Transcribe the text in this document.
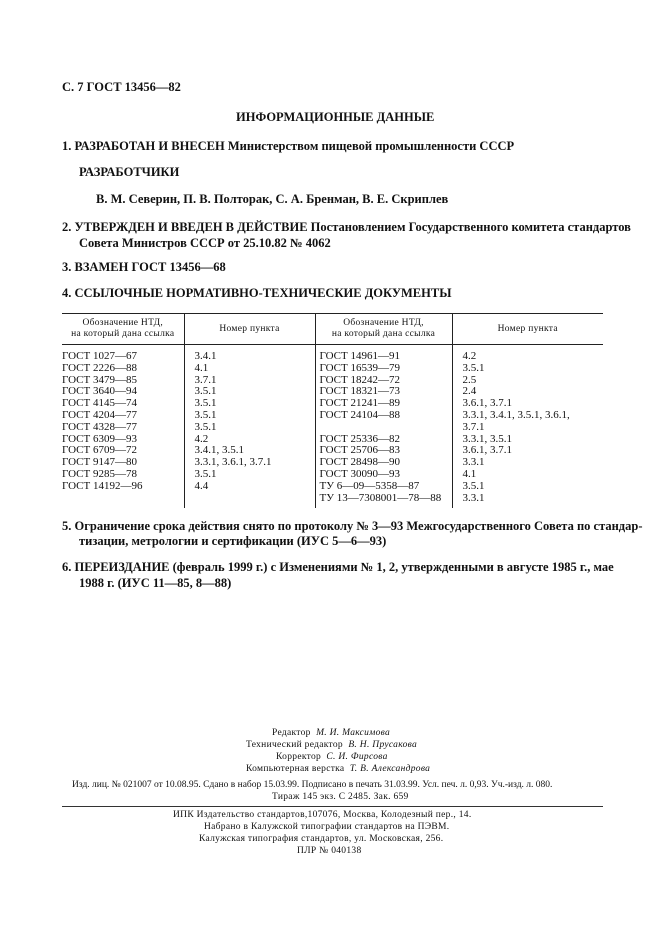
С. 7 ГОСТ 13456—82
ИНФОРМАЦИОННЫЕ ДАННЫЕ
1. РАЗРАБОТАН И ВНЕСЕН Министерством пищевой промышленности СССР
РАЗРАБОТЧИКИ
В. М. Северин, П. В. Полторак, С. А. Бренман, В. Е. Скриплев
2. УТВЕРЖДЕН И ВВЕДЕН В ДЕЙСТВИЕ Постановлением Государственного комитета стандартов
Совета Министров СССР от 25.10.82 № 4062
3. ВЗАМЕН ГОСТ 13456—68
4. ССЫЛОЧНЫЕ НОРМАТИВНО-ТЕХНИЧЕСКИЕ ДОКУМЕНТЫ
Обозначение НТД,
на который дана ссылка	Номер пункта	Обозначение НТД,
на который дана ссылка	Номер пункта
ГОСТ 1027—67	3.4.1	ГОСТ 14961—91	4.2
ГОСТ 2226—88	4.1	ГОСТ 16539—79	3.5.1
ГОСТ 3479—85	3.7.1	ГОСТ 18242—72	2.5
ГОСТ 3640—94	3.5.1	ГОСТ 18321—73	2.4
ГОСТ 4145—74	3.5.1	ГОСТ 21241—89	3.6.1, 3.7.1
ГОСТ 4204—77	3.5.1	ГОСТ 24104—88	3.3.1, 3.4.1, 3.5.1, 3.6.1,
ГОСТ 4328—77	3.5.1		3.7.1
ГОСТ 6309—93	4.2	ГОСТ 25336—82	3.3.1, 3.5.1
ГОСТ 6709—72	3.4.1, 3.5.1	ГОСТ 25706—83	3.6.1, 3.7.1
ГОСТ 9147—80	3.3.1, 3.6.1, 3.7.1	ГОСТ 28498—90	3.3.1
ГОСТ 9285—78	3.5.1	ГОСТ 30090—93	4.1
ГОСТ 14192—96	4.4	ТУ 6—09—5358—87	3.5.1
		ТУ 13—7308001—78—88	3.3.1

5. Ограничение срока действия снято по протоколу № 3—93 Межгосударственного Совета по стандар-
тизации, метрологии и сертификации (ИУС 5—6—93)
6. ПЕРЕИЗДАНИЕ (февраль 1999 г.) с Изменениями № 1, 2, утвержденными в августе 1985 г., мае
1988 г. (ИУС 11—85, 8—88)
Редактор М. И. Максимова
Технический редактор В. Н. Прусакова
Корректор С. И. Фирсова
Компьютерная верстка Т. В. Александрова
Изд. лиц. № 021007 от 10.08.95. Сдано в набор 15.03.99. Подписано в печать 31.03.99. Усл. печ. л. 0,93. Уч.-изд. л. 080.
Тираж 145 экз. С 2485. Зак. 659
ИПК Издательство стандартов,107076, Москва, Колодезный пер., 14.
Набрано в Калужской типографии стандартов на ПЭВМ.
Калужская типография стандартов, ул. Московская, 256.
ПЛР № 040138
